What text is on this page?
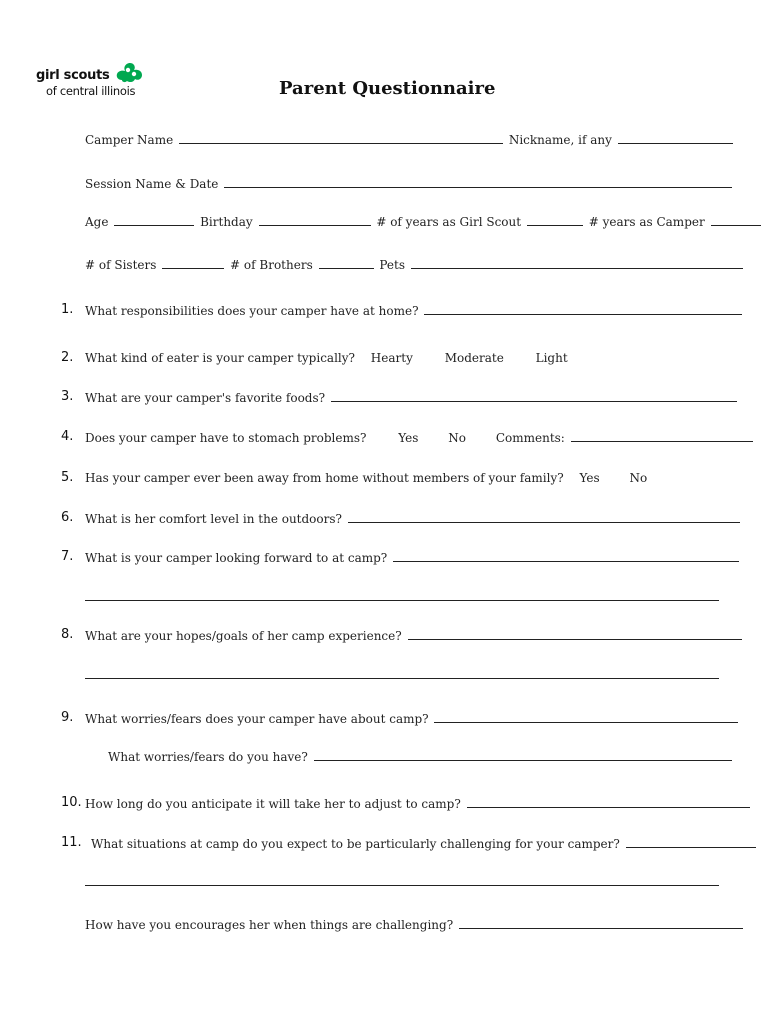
girl scouts
of central illinois	Parent Questionnaire
Camper Name	Nickname, if any
Session Name & Date
Age	Birthday	# of years as Girl Scout	# years as Camper
# of Sisters	# of Brothers	Pets
1. What responsibilities does your camper have at home?
2. What kind of eater is your camper typically? Hearty	Moderate	Light
3. What are your camper's favorite foods?
4. Does your camper have to stomach problems?	Yes No Comments:
5. Has your camper ever been away from home without members of your family? Yes No
6. What is her comfort level in the outdoors?
7. What is your camper looking forward to at camp?
8. What are your hopes/goals of her camp experience?
9. What worries/fears does your camper have about camp?
What worries/fears do you have?
10. How long do you anticipate it will take her to adjust to camp?
11. What situations at camp do you expect to be particularly challenging for your camper?
How have you encourages her when things are challenging?
